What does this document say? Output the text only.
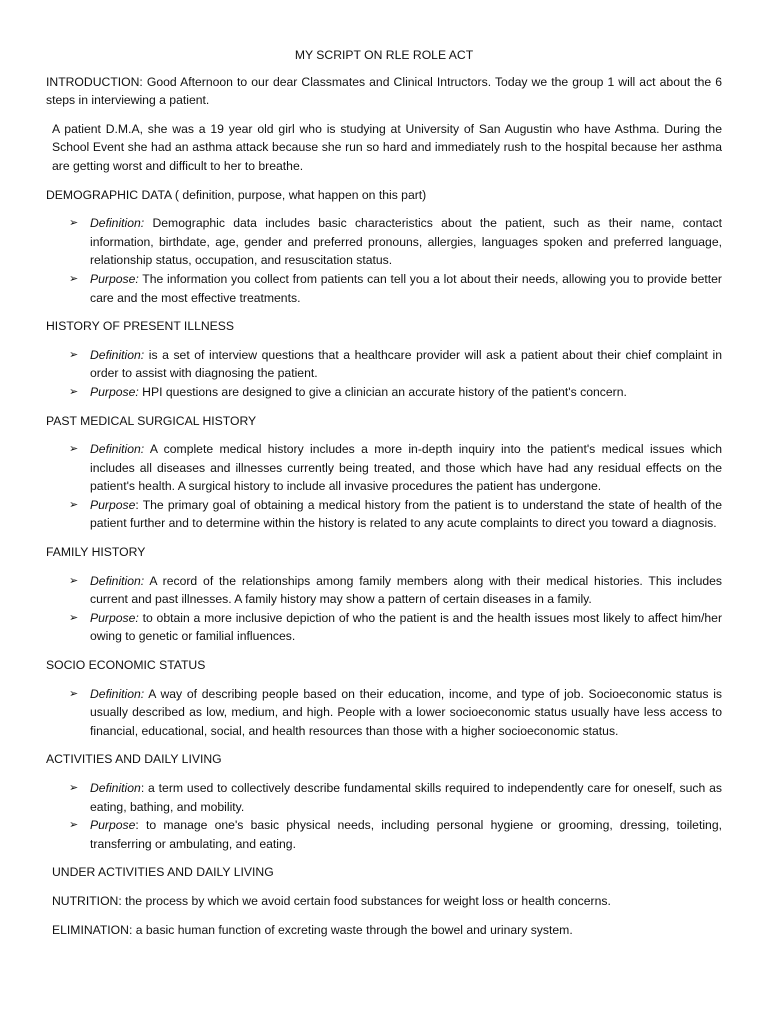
MY SCRIPT ON RLE ROLE ACT

INTRODUCTION: Good Afternoon to our dear Classmates and Clinical Intructors. Today we the group 1 will act about the 6 steps in interviewing a patient.

A patient D.M.A, she was a 19 year old girl who is studying at University of San Augustin who have Asthma. During the School Event she had an asthma attack because she run so hard and immediately rush to the hospital because her asthma are getting worst and difficult to her to breathe.

DEMOGRAPHIC DATA ( definition, purpose, what happen on this part)

➢ Definition: Demographic data includes basic characteristics about the patient, such as their name, contact information, birthdate, age, gender and preferred pronouns, allergies, languages spoken and preferred language, relationship status, occupation, and resuscitation status.
➢ Purpose: The information you collect from patients can tell you a lot about their needs, allowing you to provide better care and the most effective treatments.

HISTORY OF PRESENT ILLNESS

➢ Definition: is a set of interview questions that a healthcare provider will ask a patient about their chief complaint in order to assist with diagnosing the patient.
➢ Purpose: HPI questions are designed to give a clinician an accurate history of the patient's concern.

PAST MEDICAL SURGICAL HISTORY

➢ Definition: A complete medical history includes a more in-depth inquiry into the patient's medical issues which includes all diseases and illnesses currently being treated, and those which have had any residual effects on the patient's health. A surgical history to include all invasive procedures the patient has undergone.
➢ Purpose: The primary goal of obtaining a medical history from the patient is to understand the state of health of the patient further and to determine within the history is related to any acute complaints to direct you toward a diagnosis.

FAMILY HISTORY

➢ Definition: A record of the relationships among family members along with their medical histories. This includes current and past illnesses. A family history may show a pattern of certain diseases in a family.
➢ Purpose: to obtain a more inclusive depiction of who the patient is and the health issues most likely to affect him/her owing to genetic or familial influences.

SOCIO ECONOMIC STATUS

➢ Definition: A way of describing people based on their education, income, and type of job. Socioeconomic status is usually described as low, medium, and high. People with a lower socioeconomic status usually have less access to financial, educational, social, and health resources than those with a higher socioeconomic status.

ACTIVITIES AND DAILY LIVING

➢ Definition: a term used to collectively describe fundamental skills required to independently care for oneself, such as eating, bathing, and mobility.
➢ Purpose: to manage one's basic physical needs, including personal hygiene or grooming, dressing, toileting, transferring or ambulating, and eating.

UNDER ACTIVITIES AND DAILY LIVING

NUTRITION: the process by which we avoid certain food substances for weight loss or health concerns.

ELIMINATION: a basic human function of excreting waste through the bowel and urinary system.
